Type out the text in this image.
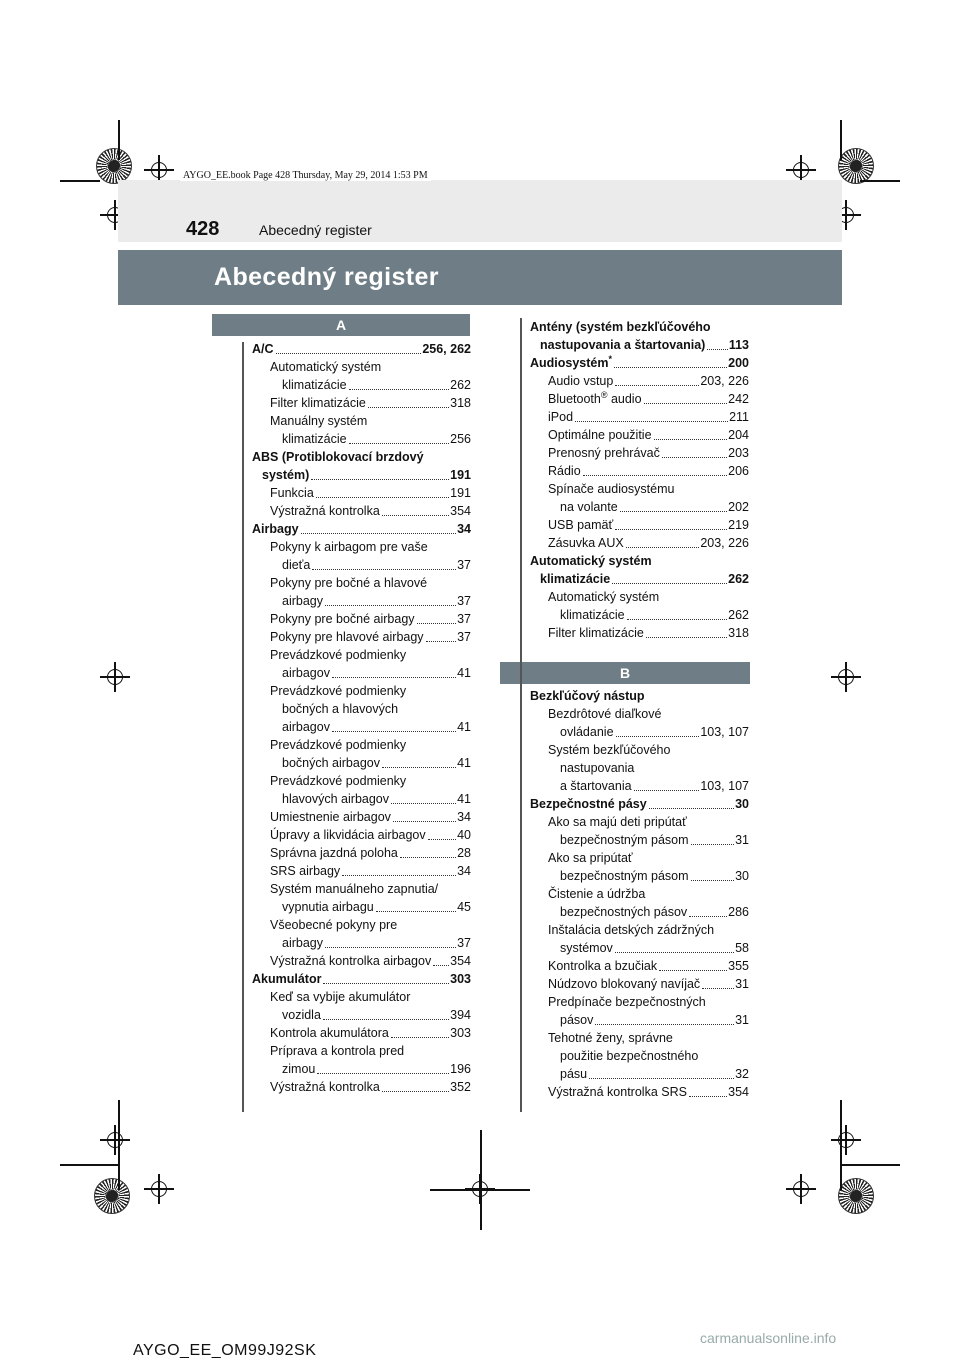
AYGO_EE.book Page 428 Thursday, May 29, 2014 1:53 PM
428	Abecedný register
Abecedný register
A
B
A/C	256, 262
Automatický systém
klimatizácie	262
Filter klimatizácie	318
Manuálny systém
klimatizácie	256
ABS (Protiblokovací brzdový
systém)	191
Funkcia	191
Výstražná kontrolka	354
Airbagy	34
Pokyny k airbagom pre vaše
dieťa	37
Pokyny pre bočné a hlavové
airbagy	37
Pokyny pre bočné airbagy	37
Pokyny pre hlavové airbagy	37
Prevádzkové podmienky
airbagov	41
Prevádzkové podmienky
bočných a hlavových
airbagov	41
Prevádzkové podmienky
bočných airbagov	41
Prevádzkové podmienky
hlavových airbagov	41
Umiestnenie airbagov	34
Úpravy a likvidácia airbagov	40
Správna jazdná poloha	28
SRS airbagy	34
Systém manuálneho zapnutia/
vypnutia airbagu	45
Všeobecné pokyny pre
airbagy	37
Výstražná kontrolka airbagov 354
Akumulátor	303
Keď sa vybije akumulátor
vozidla	394
Kontrola akumulátora	303
Príprava a kontrola pred
zimou	196
Výstražná kontrolka	352
Antény (systém bezkľúčového
nastupovania a štartovania) 113
Audiosystém*	200
Audio vstup	203, 226
Bluetooth® audio	242
iPod	211
Optimálne použitie	204
Prenosný prehrávač	203
Rádio	206
Spínače audiosystému
na volante	202
USB pamäť	219
Zásuvka AUX	203, 226
Automatický systém
klimatizácie	262
Automatický systém
klimatizácie	262
Filter klimatizácie	318
Bezkľúčový nástup
Bezdrôtové diaľkové
ovládanie	103, 107
Systém bezkľúčového
nastupovania
a štartovania	103, 107
Bezpečnostné pásy	30
Ako sa majú deti pripútať
bezpečnostným pásom	31
Ako sa pripútať
bezpečnostným pásom	30
Čistenie a údržba
bezpečnostných pásov	286
Inštalácia detských zádržných
systémov	58
Kontrolka a bzučiak	355
Núdzovo blokovaný navíjač	31
Predpínače bezpečnostných
pásov	31
Tehotné ženy, správne
použitie bezpečnostného
pásu	32
Výstražná kontrolka SRS	354
AYGO_EE_OM99J92SK
carmanualsonline.info
